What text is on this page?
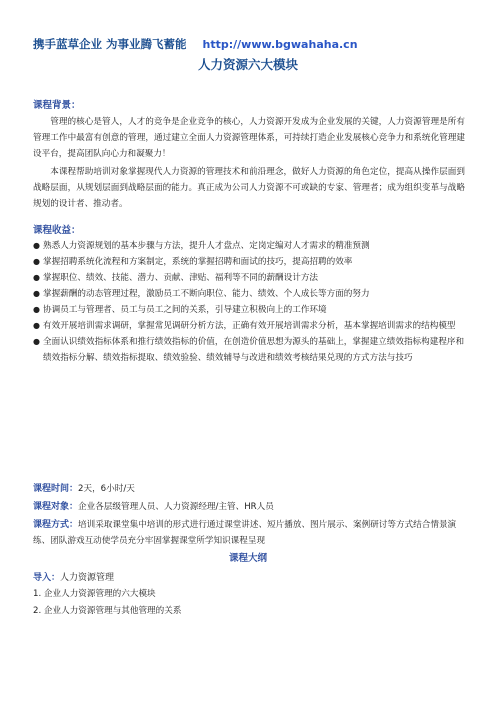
携手蓝草企业 为事业腾飞蓄能 http://www.bgwahaha.cn
人力资源六大模块
课程背景：
管理的核心是管人，人才的竞争是企业竞争的核心，人力资源开发成为企业发展的关键，人力资源管理是所有管理工作中最富有创意的管理，通过建立全面人力资源管理体系，可持续打造企业发展核心竞争力和系统化管理建设平台，提高团队向心力和凝聚力！
本课程帮助培训对象掌握现代人力资源的管理技术和前沿理念，做好人力资源的角色定位，提高从操作层面到战略层面，从规划层面到战略层面的能力。真正成为公司人力资源不可或缺的专家、管理者；成为组织变革与战略规划的设计者、推动者。
课程收益：
● 熟悉人力资源规划的基本步骤与方法，提升人才盘点、定岗定编对人才需求的精准预测
● 掌握招聘系统化流程和方案制定，系统的掌握招聘和面试的技巧，提高招聘的效率
● 掌握职位、绩效、技能、潜力、贡献、津贴、福利等不同的薪酬设计方法
● 掌握薪酬的动态管理过程，激励员工不断向职位、能力、绩效、个人成长等方面的努力
● 协调员工与管理者、员工与员工之间的关系，引导建立积极向上的工作环境
● 有效开展培训需求调研，掌握常见调研分析方法，正确有效开展培训需求分析，基本掌握培训需求的结构模型
● 全面认识绩效指标体系和推行绩效指标的价值，在创造价值思想为源头的基础上，掌握建立绩效指标构建程序和绩效指标分解、绩效指标提取、绩效验验、绩效辅导与改进和绩效考核结果兑现的方式方法与技巧
课程时间：2天，6小时/天
课程对象：企业各层级管理人员、人力资源经理/主管、HR人员
课程方式：培训采取课堂集中培训的形式进行通过课堂讲述、短片播放、图片展示、案例研讨等方式结合情景演练、团队游戏互动使学员充分牢固掌握课堂所学知识课程呈现
课程大纲
导入：人力资源管理
1. 企业人力资源管理的六大模块
2. 企业人力资源管理与其他管理的关系
